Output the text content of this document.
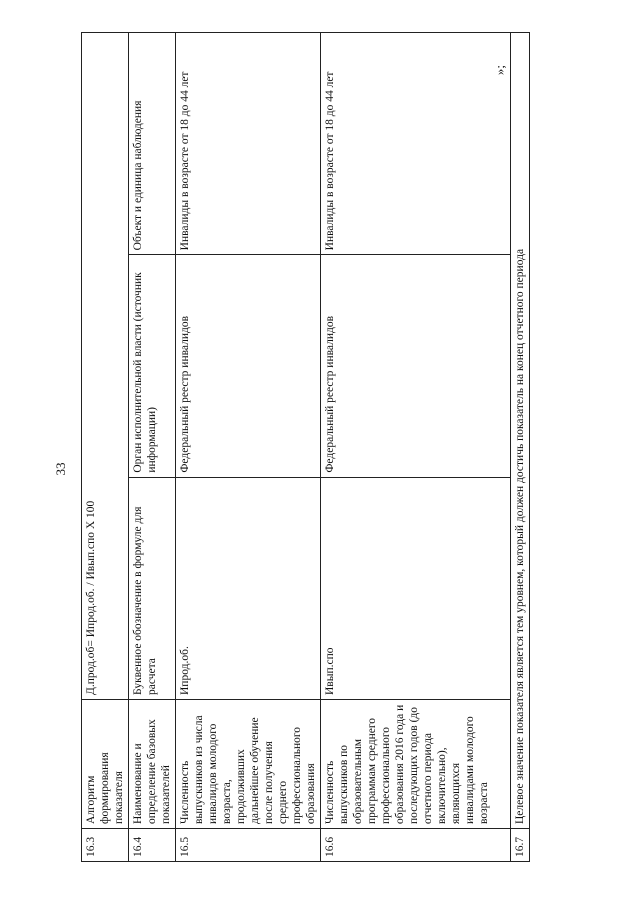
33
»;
16.3	Алгоритм формирования показателя	Д.прод.об= Ипрод.об. / Ивып.спо Х 100		
16.4	Наименование и определение базовых показателей	Буквенное обозначение в формуле для расчета	Орган исполнительной власти (источник информации)	Объект и единица наблюдения
16.5	Численность выпускников из числа инвалидов молодого возраста, продолживших дальнейшее обучение после получения среднего профессионального образования	Ипрод.об.	Федеральный реестр инвалидов	Инвалиды в возрасте от 18 до 44 лет
16.6	Численность выпускников по образовательным программам среднего профессионального образования 2016 года и последующих годов (до отчетного периода включительно), являющихся инвалидами молодого возраста	Ивып.спо	Федеральный реестр инвалидов	Инвалиды в возрасте от 18 до 44 лет
16.7	Целевое значение показателя является тем уровнем, который должен достичь показатель на конец отчетного периода			
